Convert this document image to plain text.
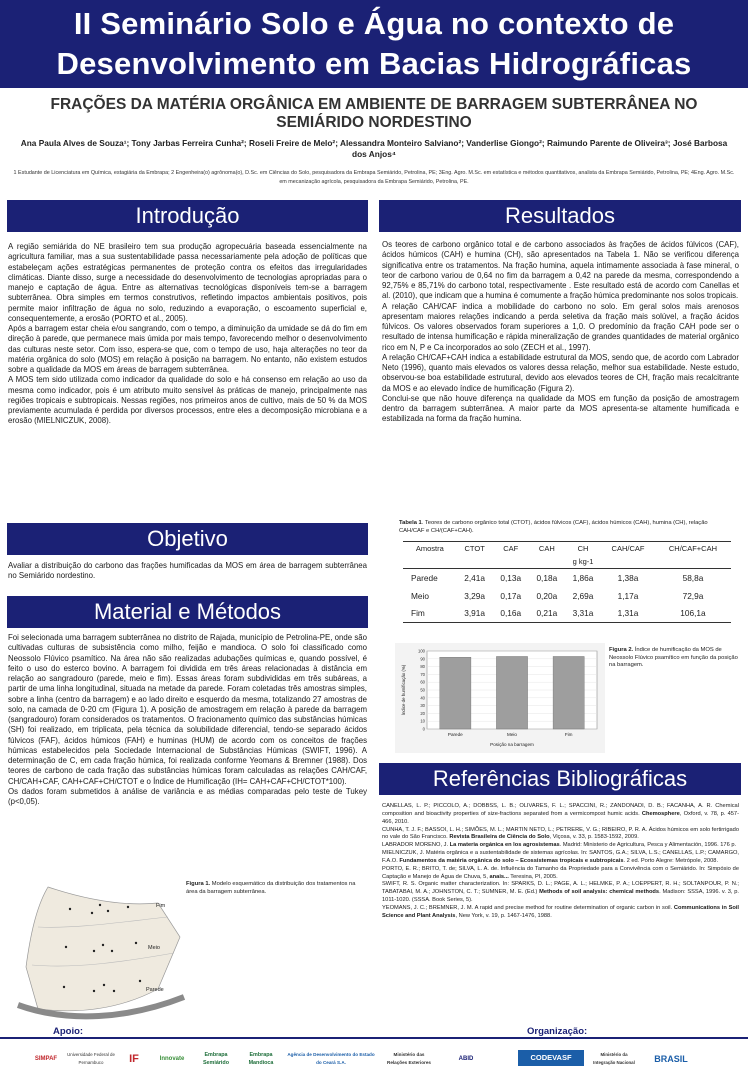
II Seminário Solo e Água no contexto de
Desenvolvimento em Bacias Hidrográficas
FRAÇÕES DA MATÉRIA ORGÂNICA EM AMBIENTE DE BARRAGEM SUBTERRÂNEA NO SEMIÁRIDO NORDESTINO
Ana Paula Alves de Souza¹; Tony Jarbas Ferreira Cunha²; Roseli Freire de Melo²; Alessandra Monteiro Salviano²; Vanderlise Giongo²; Raimundo Parente de Oliveira³; José Barbosa dos Anjos⁴
1 Estudante de Licenciatura em Química, estagiária da Embrapa; 2 Engenheira(o) agrônoma(o), D.Sc. em Ciências do Solo, pesquisadora da Embrapa Semiárido, Petrolina, PE; 3Eng. Agro. M.Sc. em estatística e métodos quantitativos, analista da Embrapa Semiárido, Petrolina, PE; 4Eng. Agro. M.Sc. em mecanização agrícola, pesquisadora da Embrapa Semiárido, Petrolina, PE.
Introdução

A região semiárida do NE brasileiro tem sua produção agropecuária baseada essencialmente na agricultura familiar, mas a sua sustentabilidade passa necessariamente pela adoção de políticas que estabeleçam ações estratégicas permanentes de proteção contra os efeitos das irregularidades climáticas. Diante disso, surge a necessidade do desenvolvimento de tecnologias apropriadas para o manejo e captação de água. Entre as alternativas tecnológicas disponíveis tem-se a barragem subterrânea. Obra simples em termos construtivos, refletindo impactos ambientais positivos, pois permite maior infiltração de água no solo, reduzindo a evaporação, o escoamento superficial e, consequentemente, a erosão (PORTO et al., 2005).

Após a barragem estar cheia e/ou sangrando, com o tempo, a diminuição da umidade se dá do fim em direção à parede, que permanece mais úmida por mais tempo, favorecendo melhor o desenvolvimento das culturas neste setor. Com isso, espera-se que, com o tempo de uso, haja alterações no teor da matéria orgânica do solo (MOS) em relação à posição na barragem. No entanto, não existem estudos sobre a qualidade da MOS em áreas de barragem subterrânea.

A MOS tem sido utilizada como indicador da qualidade do solo e há consenso em relação ao uso da mesma como indicador, pois é um atributo muito sensível às práticas de manejo, principalmente nas regiões tropicais e subtropicais. Nessas regiões, nos primeiros anos de cultivo, mais de 50 % da MOS previamente acumulada é perdida por diversos processos, entre eles a decomposição microbiana e a erosão (MIELNICZUK, 2008).

Objetivo

Avaliar a distribuição do carbono das frações humificadas da MOS em área de barragem subterrânea no Semiárido nordestino.

Material e Métodos

Foi selecionada uma barragem subterrânea no distrito de Rajada, município de Petrolina-PE, onde são cultivadas culturas de subsistência como milho, feijão e mandioca. O solo foi classificado como Neossolo Flúvico psamítico. Na área não são realizadas adubações químicas e, quando possível, é feito o uso do esterco bovino. A barragem foi dividida em três áreas relacionadas à distância em relação ao sangradouro (parede, meio e fim). Essas áreas foram subdivididas em três subáreas, a partir de uma linha longitudinal, situada na metade da parede. Foram coletadas três amostras simples, sobre a linha (centro da barragem) e ao lado direito e esquerdo da mesma, totalizando 27 amostras de solo, na camada de 0-20 cm (Figura 1). A posição de amostragem em relação à parede da barragem (sangradouro) foram considerados os tratamentos. O fracionamento químico das substâncias húmicas (SH) foi realizado, em triplicata, pela técnica da solubilidade diferencial, tendo-se separado ácidos fúlvicos (FAF), ácidos húmicos (FAH) e huminas (HUM) de acordo com os conceitos de frações húmicas estabelecidos pela Sociedade Internacional de Substâncias Húmicas (SWIFT, 1996). A determinação de C, em cada fração húmica, foi realizada conforme Yeomans & Bremner (1988). Dos teores de carbono de cada fração das substâncias húmicas foram calculadas as relações CAH/CAF, CH/CAH+CAF, CAH+CAF+CH/CTOT e o Índice de Humificação (IH= CAH+CAF+CH/CTOT*100).

Os dados foram submetidos à análise de variância e as médias comparadas pelo teste de Tukey (p<0,05).

Fim
Meio
Parede
Figura 1. Modelo esquemático da distribuição dos tratamentos na área da barragem subterrânea.
Resultados

Os teores de carbono orgânico total e de carbono associados às frações de ácidos fúlvicos (CAF), ácidos húmicos (CAH) e humina (CH), são apresentados na Tabela 1. Não se verificou diferença significativa entre os tratamentos. Na fração humina, aquela intimamente associada à fase mineral, o teor de carbono variou de 0,64 no fim da barragem a 0,42 na parede da mesma, correspondendo a 92,75% e 85,71% do carbono total, respectivamente . Este resultado está de acordo com Canellas et al. (2010), que indicam que a humina é comumente a fração húmica predominante nos solos tropicais.

A relação CAH/CAF indica a mobilidade do carbono no solo. Em geral solos mais arenosos apresentam maiores relações indicando a perda seletiva da fração mais solúvel, a fração ácidos fúlvicos. Os valores observados foram superiores a 1,0. O predomínio da fração CAH pode ser o resultado de intensa humificação e rápida mineralização de grandes quantidades de material orgânico rico em N, P e Ca incorporados ao solo (ZECH et al., 1997).

A relação CH/CAF+CAH indica a estabilidade estrutural da MOS, sendo que, de acordo com Labrador Neto (1996), quanto mais elevados os valores dessa relação, melhor sua estabilidade. Neste estudo, observou-se boa estabilidade estrutural, devido aos elevados teores de CH, fração mais recalcitrante da MOS e ao elevado índice de humificação (Figura 2).

Conclui-se que não houve diferença na qualidade da MOS em função da posição de amostragem dentro da barragem subterrânea. A maior parte da MOS apresenta-se altamente humificada e estabilizada na forma da fração humina.

Tabela 1. Teores de carbono orgânico total (CTOT), ácidos fúlvicos (CAF), ácidos húmicos (CAH), humina (CH), relação CAH/CAF e CH/(CAF+CAH).
Amostra	CTOT	CAF	CAH	CH	CAH/CAF	CH/CAF+CAH
				g kg-1		
Parede	2,41a	0,13a	0,18a	1,86a	1,38a	58,8a
Meio	3,29a	0,17a	0,20a	2,69a	1,17a	72,9a
Fim	3,91a	0,16a	0,21a	3,31a	1,31a	106,1a
0
10
20
30
40
50
60
70
80
90
100
Parede	Meio	Fim
Posição na barragem
Índice de humificação (%)
Figura 2. Índice de humificação da MOS de Neossolo Flúvico psamítico em função da posição na barragem.
Referências Bibliográficas

CANELLAS, L. P.; PICCOLO, A.; DOBBSS, L. B.; OLIVARES, F. L.; SPACCINI, R.; ZANDONADI, D. B.; FACANHA, A. R. Chemical composition and bioactivity properties of size-fractions separated from a vermicompost humic acids. Chemosphere, Oxford, v. 78, p. 457-466, 2010.

CUNHA, T. J. F.; BASSOI, L. H.; SIMÕES, M. L.; MARTIN NETO, L.; PETRERE, V. G.; RIBEIRO, P. R. A. Ácidos húmicos em solo fertirrigado no vale do São Francisco. Revista Brasileira de Ciência do Solo, Viçosa, v. 33, p. 1583-1592, 2009.

LABRADOR MORENO, J. La materia orgánica en los agrosistemas. Madrid: Ministerio de Agricultura, Pesca y Alimentación, 1996. 176 p.

MIELNICZUK, J. Matéria orgânica e a sustentabilidade de sistemas agrícolas. In: SANTOS, G.A.; SILVA, L.S.; CANELLAS, L.P.; CAMARGO, F.A.O. Fundamentos da matéria orgânica do solo – Ecossistemas tropicais e subtropicais. 2 ed. Porto Alegre: Metrópole, 2008.

PORTO, E. R.; BRITO, T. de; SILVA, L. A. de. Influência do Tamanho da Propriedade para a Convivência com o Semiárido. In: Simpósio de Captação e Manejo de Água de Chuva, 5, anais... Teresina, PI, 2005.

SWIFT, R. S. Organic matter characterization. In: SPARKS, D. L.; PAGE, A. L.; HELMKE, P. A.; LOEPPERT, R. H.; SOLTANPOUR, P. N.; TABATABAI, M. A.; JOHNSTON, C. T.; SUMNER, M. E. (Ed.) Methods of soil analysis: chemical methods. Madison: SSSA, 1996. v. 3, p. 1011-1020. (SSSA. Book Series, 5).

YEOMANS, J. C.; BREMNER, J. M. A rapid and precise method for routine determination of organic carbon in soil. Communications in Soil Science and Plant Analysis, New York, v. 19, p. 1467-1476, 1988.

Apoio:	Organização:
SIMPAF
Universidade Federal de Pernambuco	IF	Innovate
Embrapa Semiárido
Embrapa Mandioca
Agência de Desenvolvimento do Estado do Ceará S.A.
Ministério das Relações Exteriores
ABID	CODEVASF	Ministério da Integração Nacional	BRASIL
